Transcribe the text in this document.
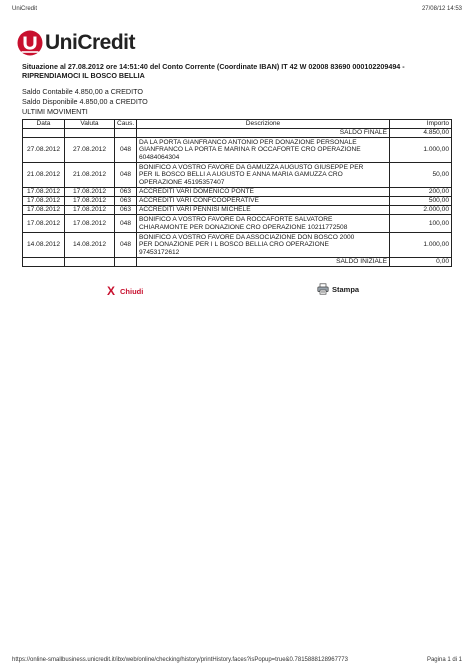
UniCredit	27/08/12 14:53
UniCredit
Situazione al 27.08.2012 ore 14:51:40 del Conto Corrente (Coordinate IBAN) IT 42 W 02008 83690 000102209494 - RIPRENDIAMOCI IL BOSCO BELLIA
Saldo Contabile 4.850,00 a CREDITO
Saldo Disponibile 4.850,00 a CREDITO
ULTIMI MOVIMENTI
Data	Valuta	Caus.	Descrizione	Importo
			SALDO FINALE	4.850,00
27.08.2012	27.08.2012	048	DA LA PORTA GIANFRANCO ANTONIO PER DONAZIONE PERSONALE
GIANFRANCO LA PORTA E MARINA R OCCAFORTE CRO OPERAZIONE
60484064304	1.000,00
21.08.2012	21.08.2012	048	BONIFICO A VOSTRO FAVORE DA GAMUZZA AUGUSTO GIUSEPPE PER
PER IL BOSCO BELLI A AUGUSTO E ANNA MARIA GAMUZZA CRO
OPERAZIONE 45195357407	50,00
17.08.2012	17.08.2012	063	ACCREDITI VARI DOMENICO PONTE	200,00
17.08.2012	17.08.2012	063	ACCREDITI VARI CONFCOOPERATIVE	500,00
17.08.2012	17.08.2012	063	ACCREDITI VARI PENNISI MICHELE	2.000,00
17.08.2012	17.08.2012	048	BONIFICO A VOSTRO FAVORE DA ROCCAFORTE SALVATORE
CHIARAMONTE PER DONAZIONE CRO OPERAZIONE 10211772508	100,00
14.08.2012	14.08.2012	048	BONIFICO A VOSTRO FAVORE DA ASSOCIAZIONE DON BOSCO 2000
PER DONAZIONE PER I L BOSCO BELLIA CRO OPERAZIONE
97453172612	1.000,00
			SALDO INIZIALE	0,00
X Chiudi	Stampa
https://online-smallbusiness.unicredit.it/ibx/web/online/checking/history/printHistory.faces?isPopup=true&0.7815888128967773	Pagina 1 di 1
